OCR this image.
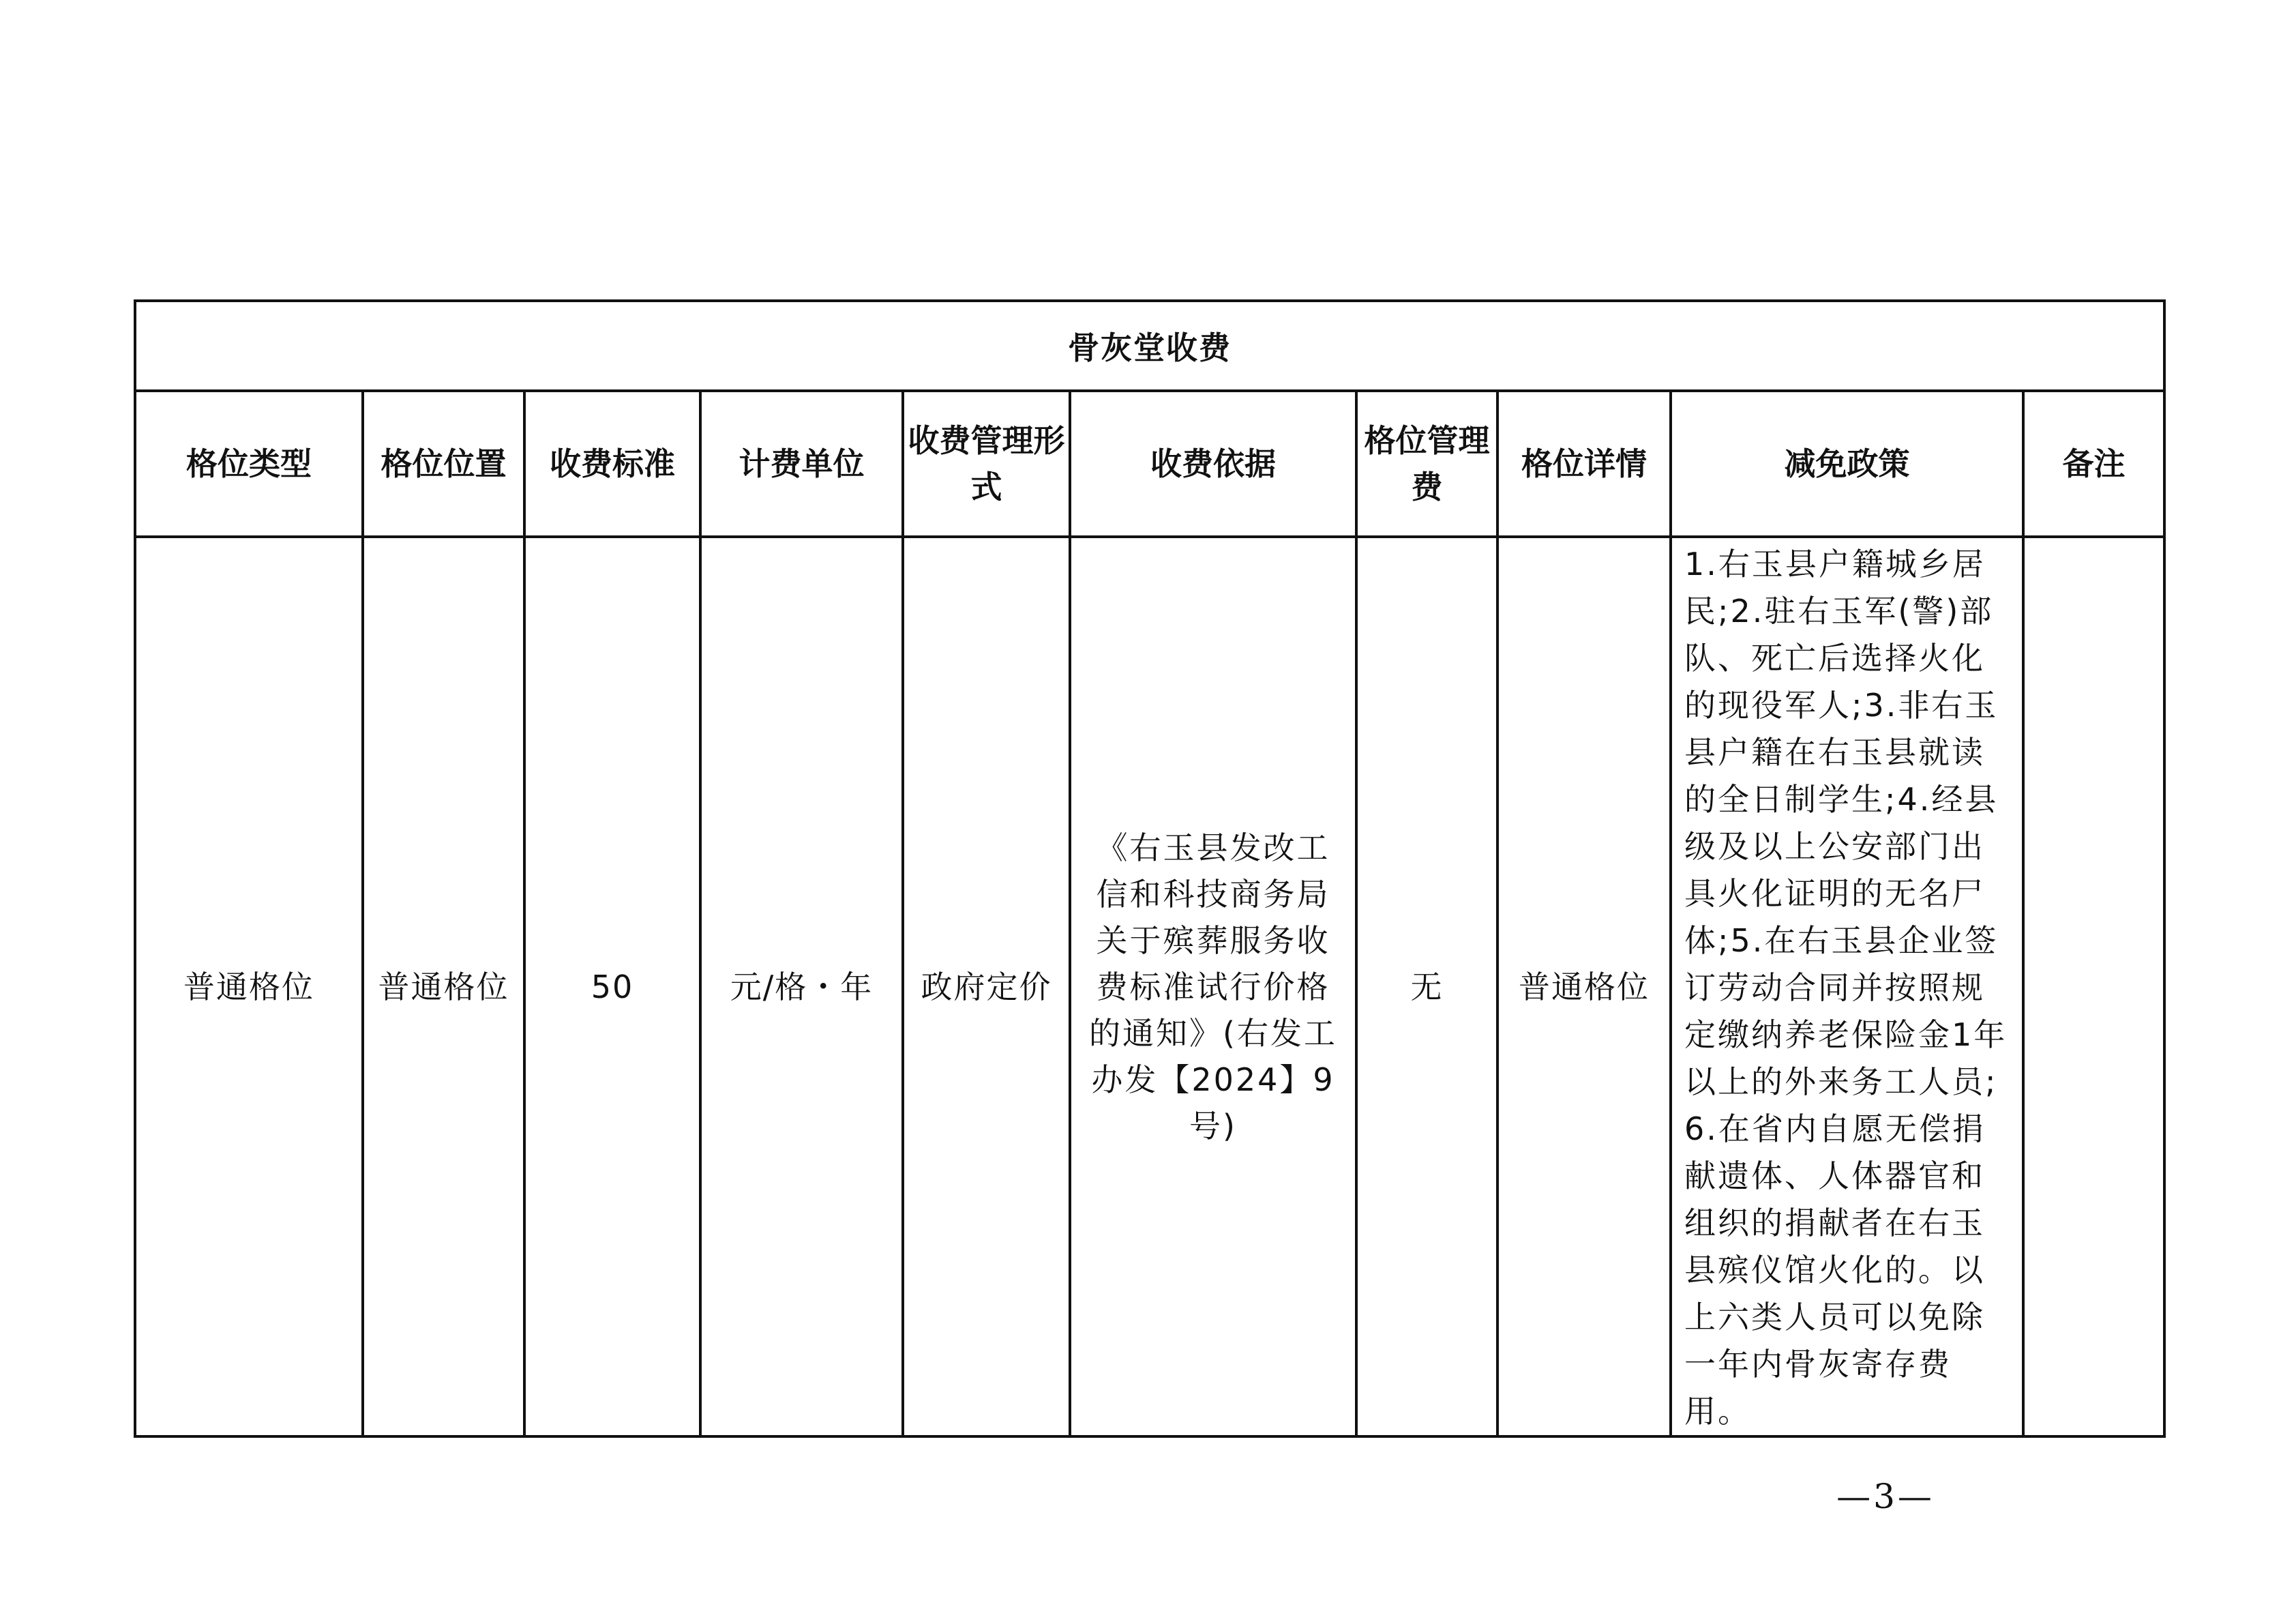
骨灰堂收费									
格位类型	格位位置	收费标准	计费单位	收费管理形式	收费依据	格位管理费	格位详情	减免政策	备注
普通格位	普通格位	50	元/格・年	政府定价	《右玉县发改工信和科技商务局关于殡葬服务收费标准试行价格的通知》(右发工办发【2024】9号)	无	普通格位	1.右玉县户籍城乡居民;2.驻右玉军(警)部队、死亡后选择火化的现役军人;3.非右玉县户籍在右玉县就读的全日制学生;4.经县级及以上公安部门出具火化证明的无名尸体;5.在右玉县企业签订劳动合同并按照规定缴纳养老保险金1年以上的外来务工人员;6.在省内自愿无偿捐献遗体、人体器官和组织的捐献者在右玉县殡仪馆火化的。以上六类人员可以免除一年内骨灰寄存费用。	
—3—
